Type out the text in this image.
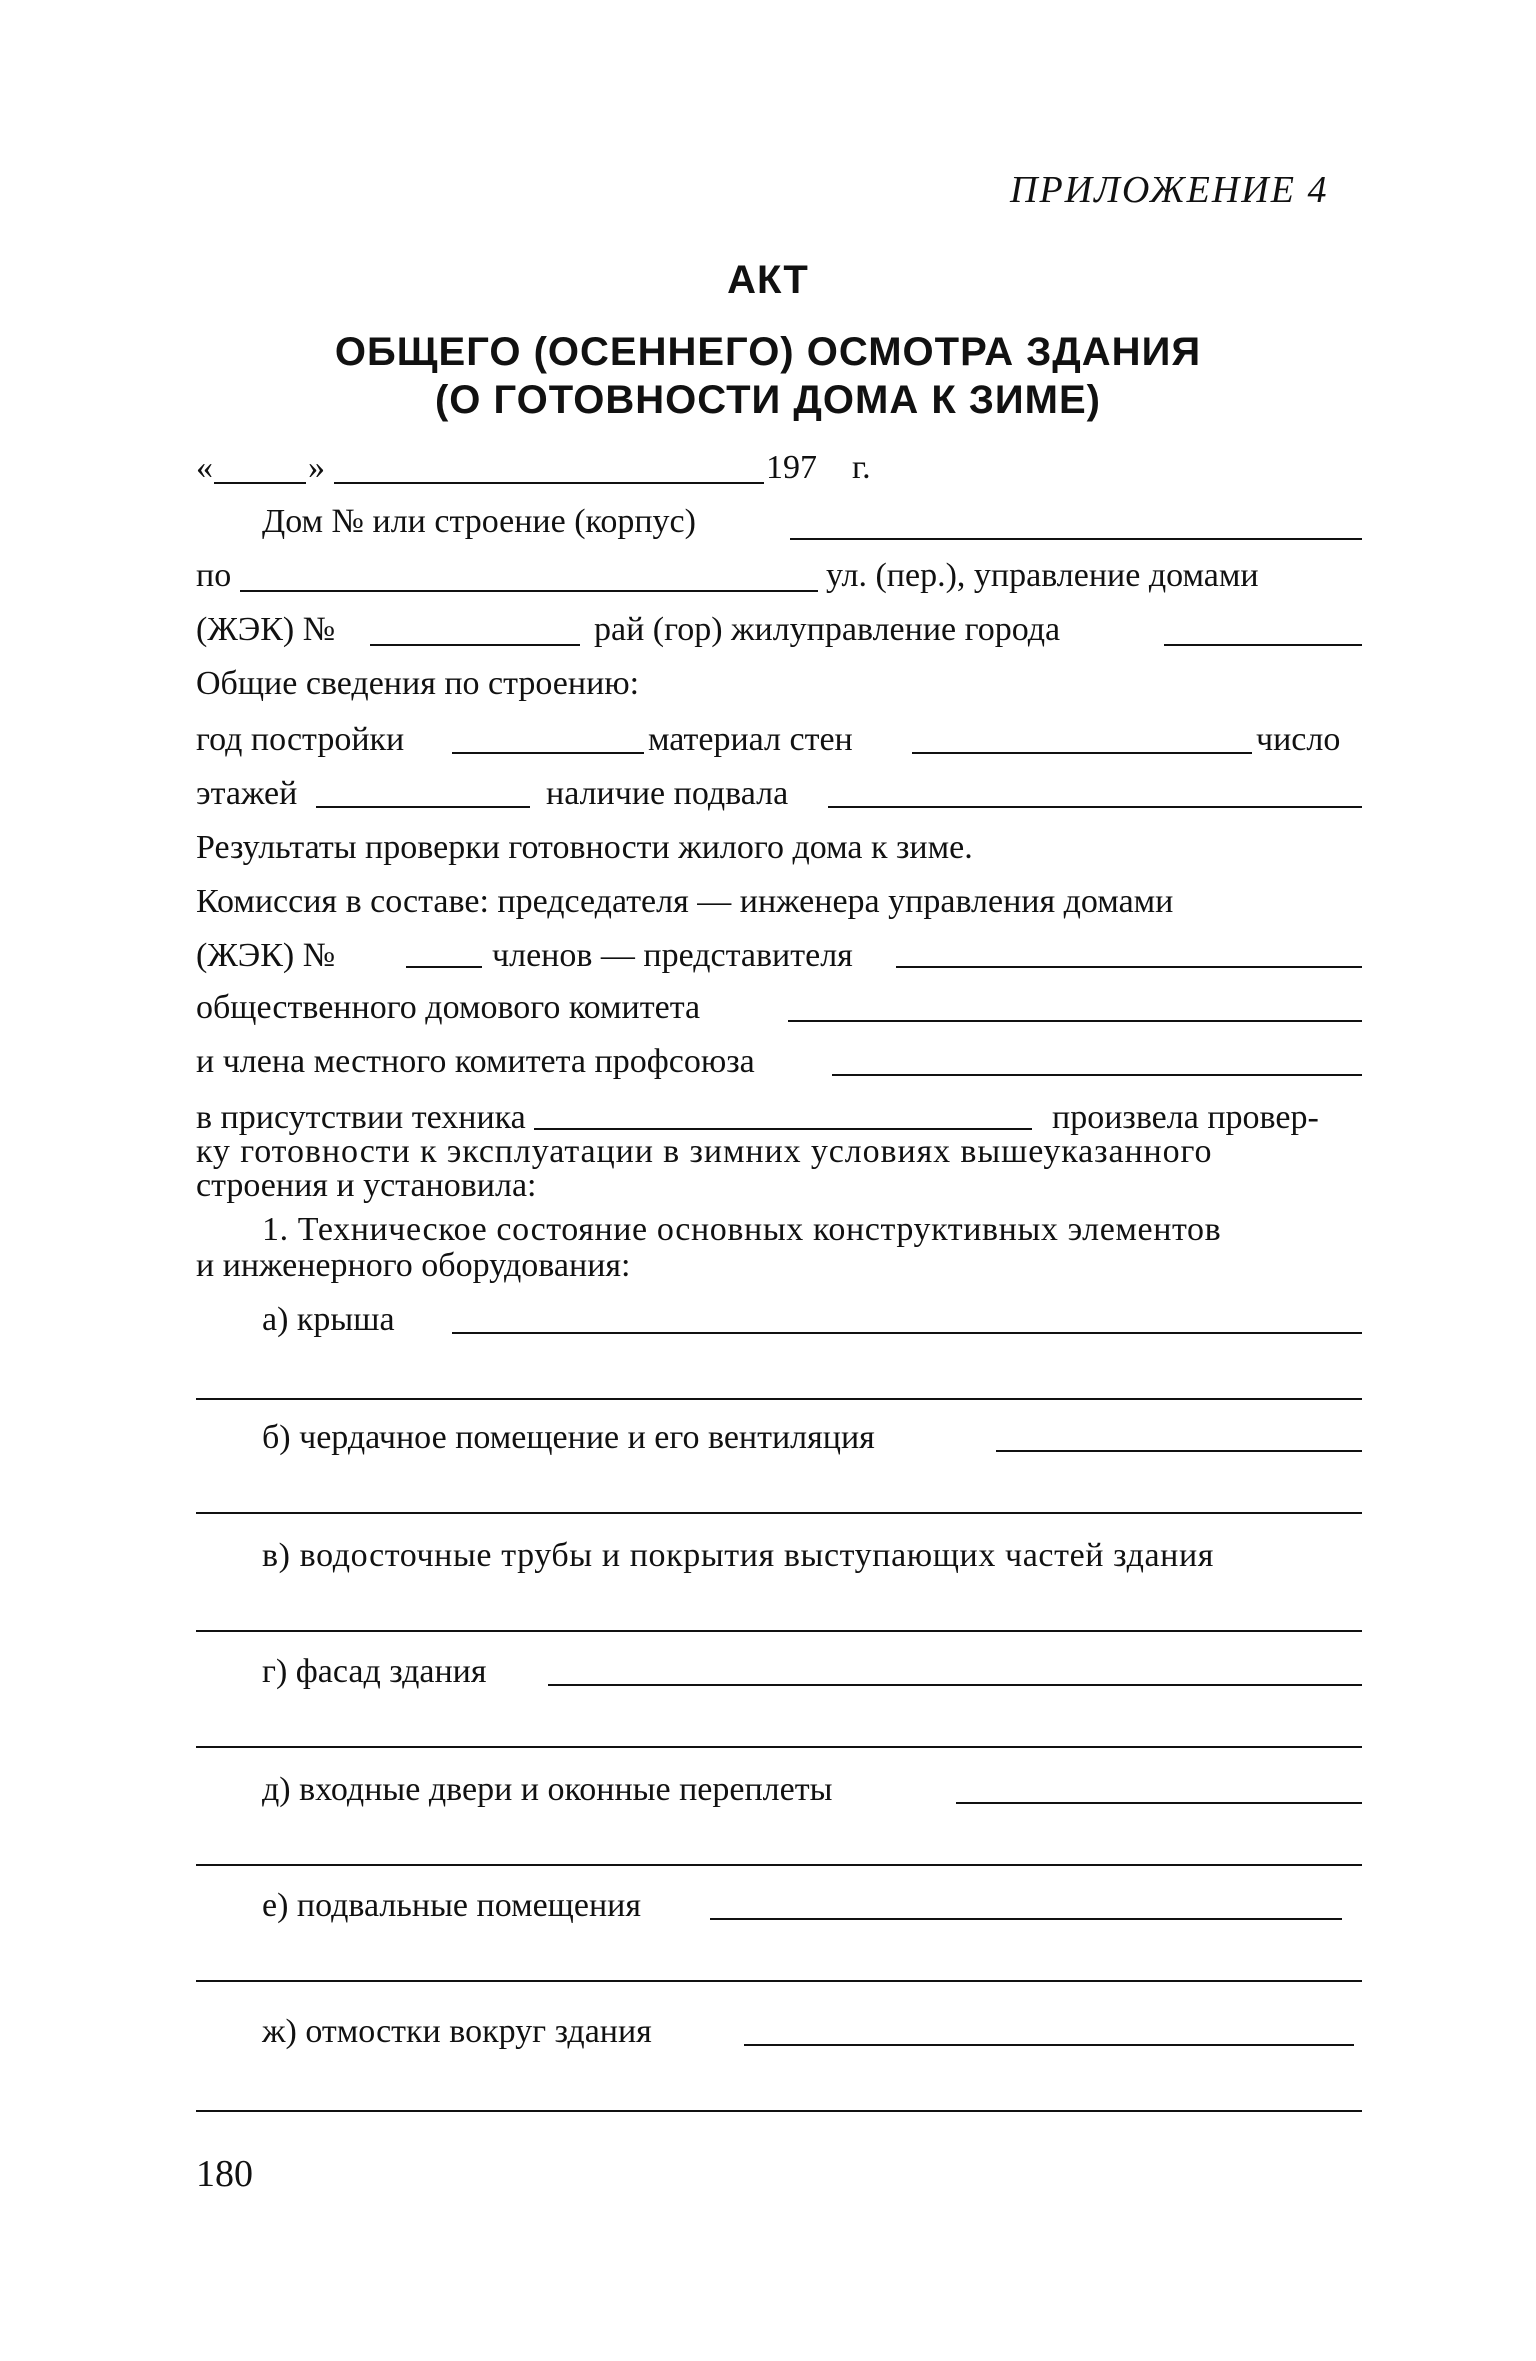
ПРИЛОЖЕНИЕ 4
АКТ
ОБЩЕГО (ОСЕННЕГО) ОСМОТРА ЗДАНИЯ
(О ГОТОВНОСТИ ДОМА К ЗИМЕ)
«	»	197 г.
Дом № или строение (корпус)
по	ул. (пер.), управление домами
(ЖЭК) №	рай (гор) жилуправление города
Общие сведения по строению:
год постройки	материал стен	число
этажей	наличие подвала
Результаты проверки готовности жилого дома к зиме.
Комиссия в составе: председателя — инженера управления домами
(ЖЭК) №	членов — представителя
общественного домового комитета
и члена местного комитета профсоюза
в присутствии техника	произвела провер-
ку готовности к эксплуатации в зимних условиях вышеуказанного
строения и установила:
1. Техническое состояние основных конструктивных элементов
и инженерного оборудования:
а) крыша
б) чердачное помещение и его вентиляция
в) водосточные трубы и покрытия выступающих частей здания
г) фасад здания
д) входные двери и оконные переплеты
е) подвальные помещения
ж) отмостки вокруг здания
180
